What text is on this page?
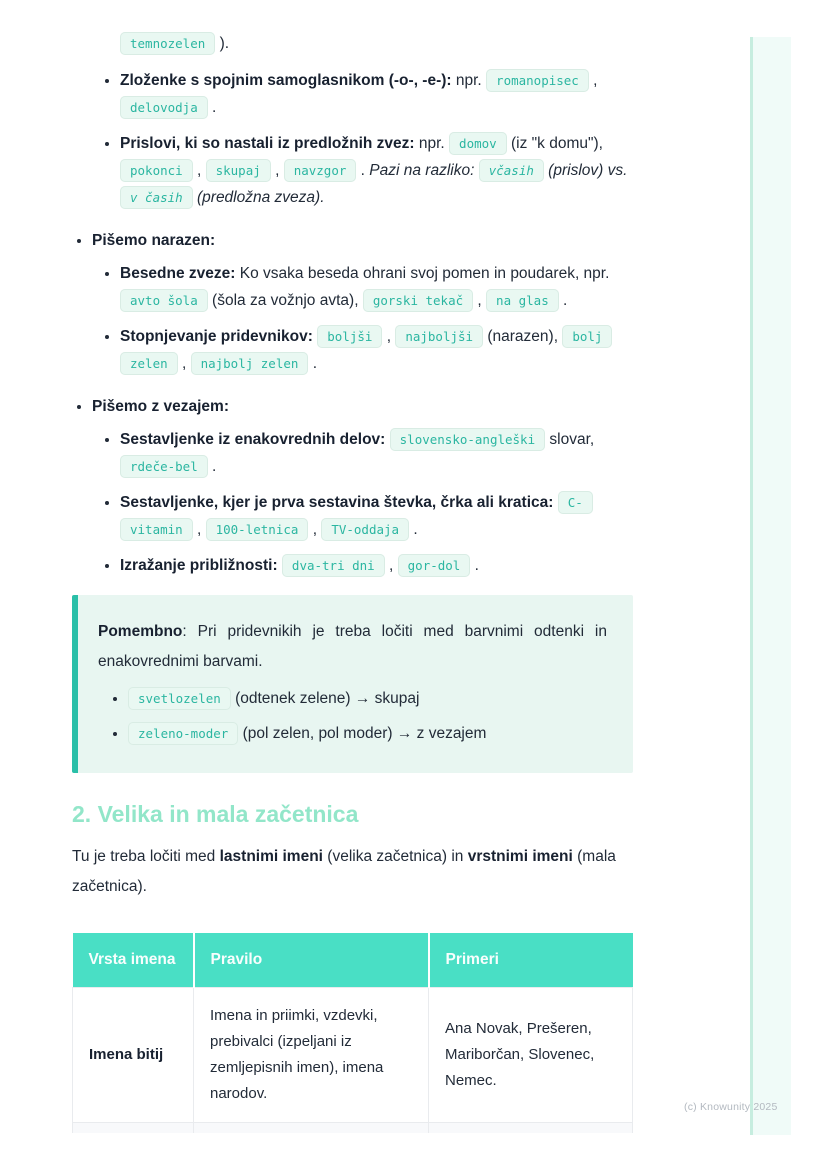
temnozelen ).
• Zloženke s spojnim samoglasnikom (-o-, -e-): npr. romanopisec , delovodja .
• Prislovi, ki so nastali iz predložnih zvez: npr. domov (iz "k domu"), pokonci , skupaj , navzgor . Pazi na razliko: včasih (prislov) vs. v časih (predložna zveza).
• Pišemo narazen:
• Besedne zveze: Ko vsaka beseda ohrani svoj pomen in poudarek, npr. avto šola (šola za vožnjo avta), gorski tekač , na glas .
• Stopnjevanje pridevnikov: boljši , najboljši (narazen), bolj zelen , najbolj zelen .
• Pišemo z vezajem:
• Sestavljenke iz enakovrednih delov: slovensko-angleški slovar, rdeče-bel .
• Sestavljenke, kjer je prva sestavina števka, črka ali kratica: C-vitamin , 100-letnica , TV-oddaja .
• Izražanje približnosti: dva-tri dni , gor-dol .

Pomembno: Pri pridevnikih je treba ločiti med barvnimi odtenki in enakovrednimi barvami.

• svetlozelen (odtenek zelene) → skupaj
• zeleno-moder (pol zelen, pol moder) → z vezajem
2. Velika in mala začetnica

Tu je treba ločiti med lastnimi imeni (velika začetnica) in vrstnimi imeni (mala začetnica).

Vrsta imena	Pravilo	Primeri
Imena bitij	Imena in priimki, vzdevki, prebivalci (izpeljani iz zemljepisnih imen), imena narodov.	Ana Novak, Prešeren, Mariborčan, Slovenec, Nemec.

(c) Knowunity 2025
